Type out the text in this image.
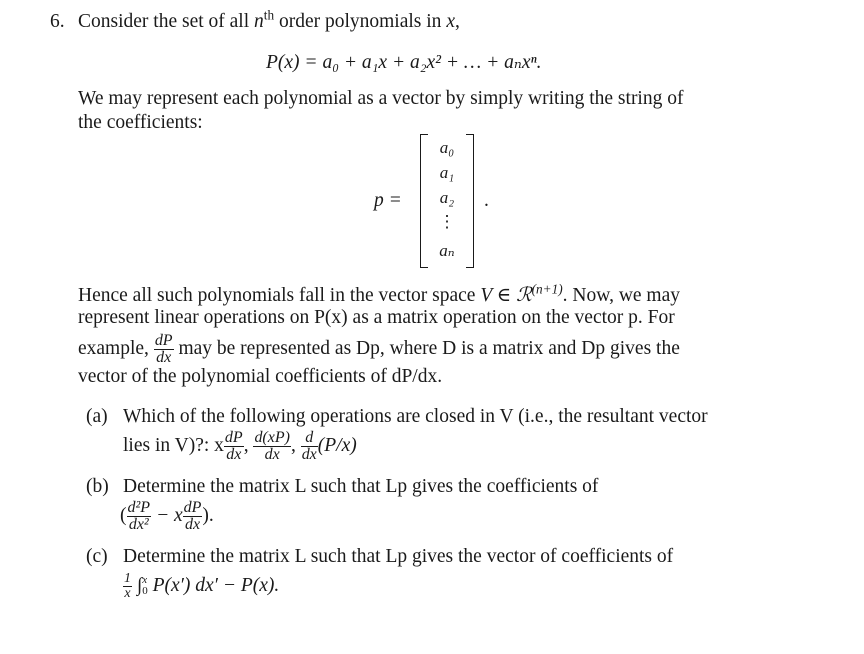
6. Consider the set of all $n^{th}$ order polynomials in x,
P(x) = a₀ + a₁x + a₂x² + … + aₙxⁿ.
We may represent each polynomial as a vector by simply writing the string of
the coefficients:
p =
a₀
a₁
a₂
⋮
aₙ
.
Hence all such polynomials fall in the vector space V ∈ ℛ$^{(n+1)}$. Now, we may
represent linear operations on P(x) as a matrix operation on the vector p. For
example, $\frac{dP}{dx}$ may be represented as Dp, where D is a matrix and Dp gives the
vector of the polynomial coefficients of dP/dx.
(a) Which of the following operations are closed in V (i.e., the resultant vector
lies in V)?: x $\frac{dP}{dx}$ , $\frac{d(xP)}{dx}$ , $\frac{d}{dx} (P/x)$
(b) Determine the matrix L such that Lp gives the coefficients of
( $\frac{\text{d²P}}{\text{dx²}} - x \frac{dP}{dx}$ ).
(c) Determine the matrix L such that Lp gives the vector of coefficients of
$\frac{1}{x}$ ∫ x
0 P(x′) dx′ − P(x).
